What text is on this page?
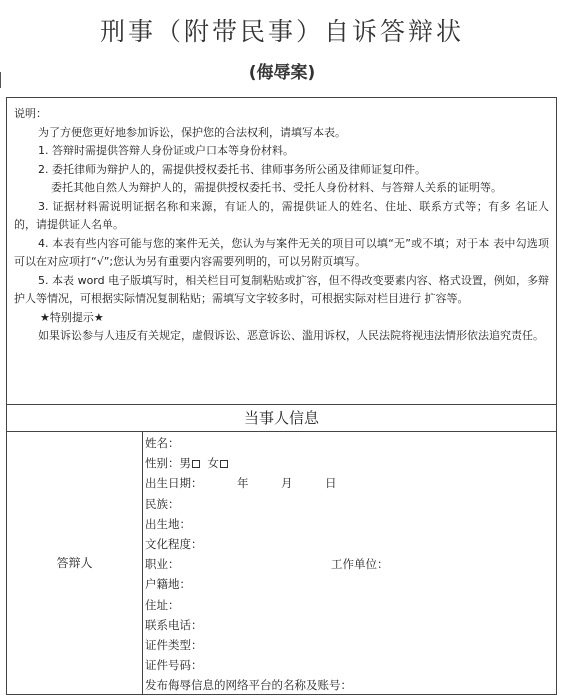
刑事（附带民事）自诉答辩状
(侮辱案)

说明：

为了方便您更好地参加诉讼，保护您的合法权利，请填写本表。

1. 答辩时需提供答辩人身份证或户口本等身份材料。

2. 委托律师为辩护人的，需提供授权委托书、律师事务所公函及律师证复印件。

委托其他自然人为辩护人的，需提供授权委托书、受托人身份材料、与答辩人关系的证明等。

3. 证据材料需说明证据名称和来源，有证人的，需提供证人的姓名、住址、联系方式等；有多 名证人的，请提供证人名单。

4. 本表有些内容可能与您的案件无关，您认为与案件无关的项目可以填“无”或不填；对于本 表中勾选项可以在对应项打“√”;您认为另有重要内容需要列明的，可以另附页填写。

5. 本表 word 电子版填写时，相关栏目可复制粘贴或扩容，但不得改变要素内容、格式设置，例如，多辩护人等情况，可根据实际情况复制粘贴；需填写文字较多时，可根据实际对栏目进行 扩容等。

★特别提示★

如果诉讼参与人违反有关规定，虚假诉讼、恶意诉讼、滥用诉权，人民法院将视违法情形依法追究责任。

当事人信息
答辩人
姓名：
性别：男 女
出生日期：	年	月	日
民族：
出生地：
文化程度：
职业：	工作单位：
户籍地：
住址：
联系电话：
证件类型：
证件号码：
发布侮辱信息的网络平台的名称及账号：
